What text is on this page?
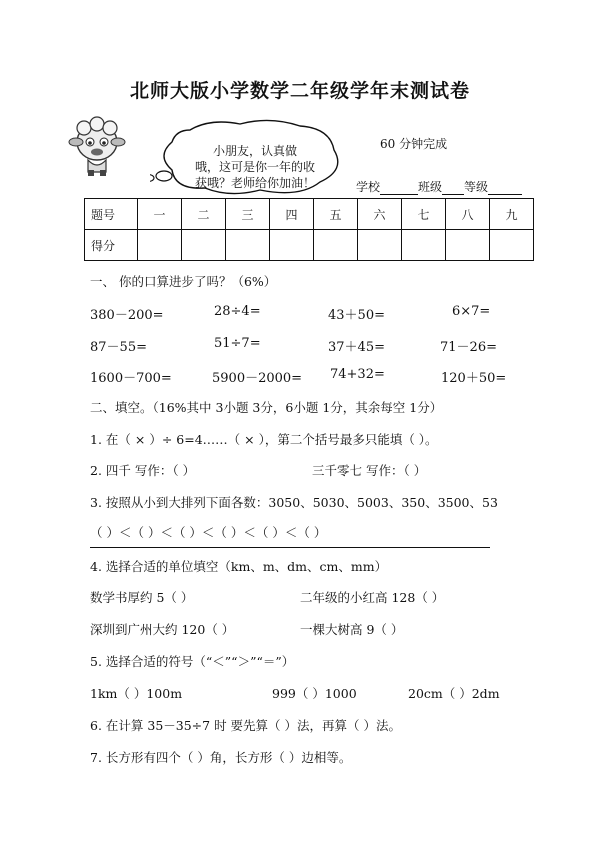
北师大版小学数学二年级学年末测试卷
小朋友，认真做
哦，这可是你一年的收
获哦？老师给你加油！
60 分钟完成
学校	班级 等级
题号	一	二	三	四	五	六	七	八	九
得分									
一、 你的口算进步了吗？（6%）
380－200=	28÷4=	43＋50=	6×7=
87－55=	51÷7=	37＋45=	71－26=
1600－700=	5900－2000= 74+32=	120＋50=
二、填空。（16%其中 3小题 3分，6小题 1分，其余每空 1分）
1. 在（ × ）÷ 6=4……（ × ），第二个括号最多只能填（ ）。
2. 四千 写作：（ ）	三千零七 写作：（ ）
3. 按照从小到大排列下面各数：3050、5030、5003、350、3500、53
（ ）＜（ ）＜（ ）＜（ ）＜（ ）＜（ ）
4. 选择合适的单位填空（km、m、dm、cm、mm）
数学书厚约 5（ ）	二年级的小红高 128（ ）
深圳到广州大约 120（ ）	一棵大树高 9（ ）
5. 选择合适的符号（“＜”“＞”“＝”）
1km（ ）100m	999（ ）1000	20cm（ ）2dm
6. 在计算 35－35÷7 时 要先算（ ）法，再算（ ）法。
7. 长方形有四个（ ）角，长方形（ ）边相等。
